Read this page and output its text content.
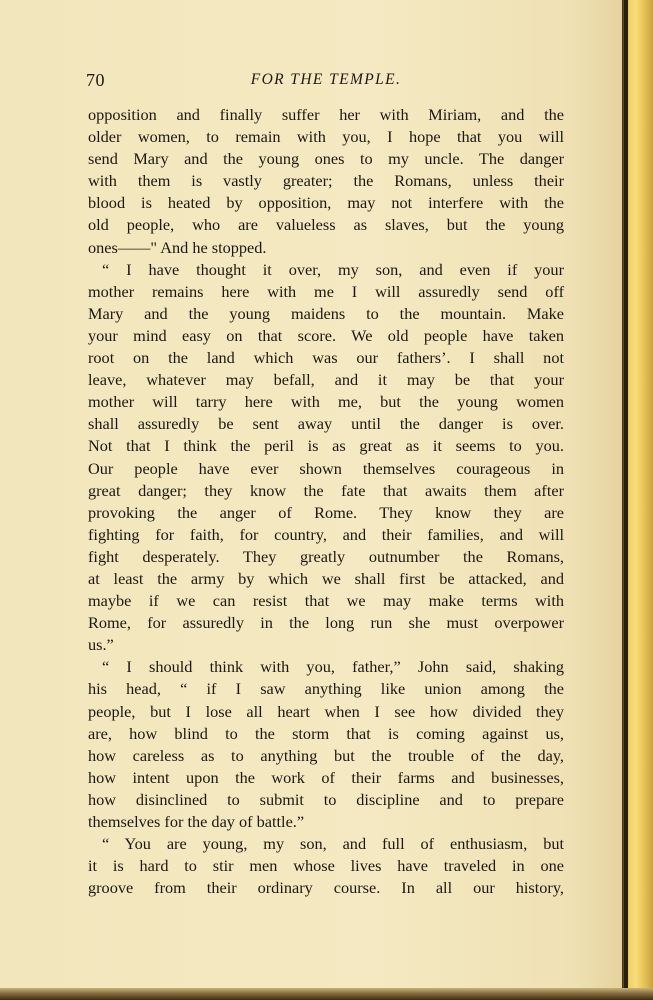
70	FOR THE TEMPLE.
opposition and finally suffer her with Miriam, and the
older women, to remain with you, I hope that you will
send Mary and the young ones to my uncle. The danger
with them is vastly greater; the Romans, unless their
blood is heated by opposition, may not interfere with the
old people, who are valueless as slaves, but the young
ones——" And he stopped.
“ I have thought it over, my son, and even if your
mother remains here with me I will assuredly send off
Mary and the young maidens to the mountain. Make
your mind easy on that score. We old people have taken
root on the land which was our fathers’. I shall not
leave, whatever may befall, and it may be that your
mother will tarry here with me, but the young women
shall assuredly be sent away until the danger is over.
Not that I think the peril is as great as it seems to you.
Our people have ever shown themselves courageous in
great danger; they know the fate that awaits them after
provoking the anger of Rome. They know they are
fighting for faith, for country, and their families, and will
fight desperately. They greatly outnumber the Romans,
at least the army by which we shall first be attacked, and
maybe if we can resist that we may make terms with
Rome, for assuredly in the long run she must overpower
us.”
“ I should think with you, father,” John said, shaking
his head, “ if I saw anything like union among the
people, but I lose all heart when I see how divided they
are, how blind to the storm that is coming against us,
how careless as to anything but the trouble of the day,
how intent upon the work of their farms and businesses,
how disinclined to submit to discipline and to prepare
themselves for the day of battle.”
“ You are young, my son, and full of enthusiasm, but
it is hard to stir men whose lives have traveled in one
groove from their ordinary course. In all our history,
